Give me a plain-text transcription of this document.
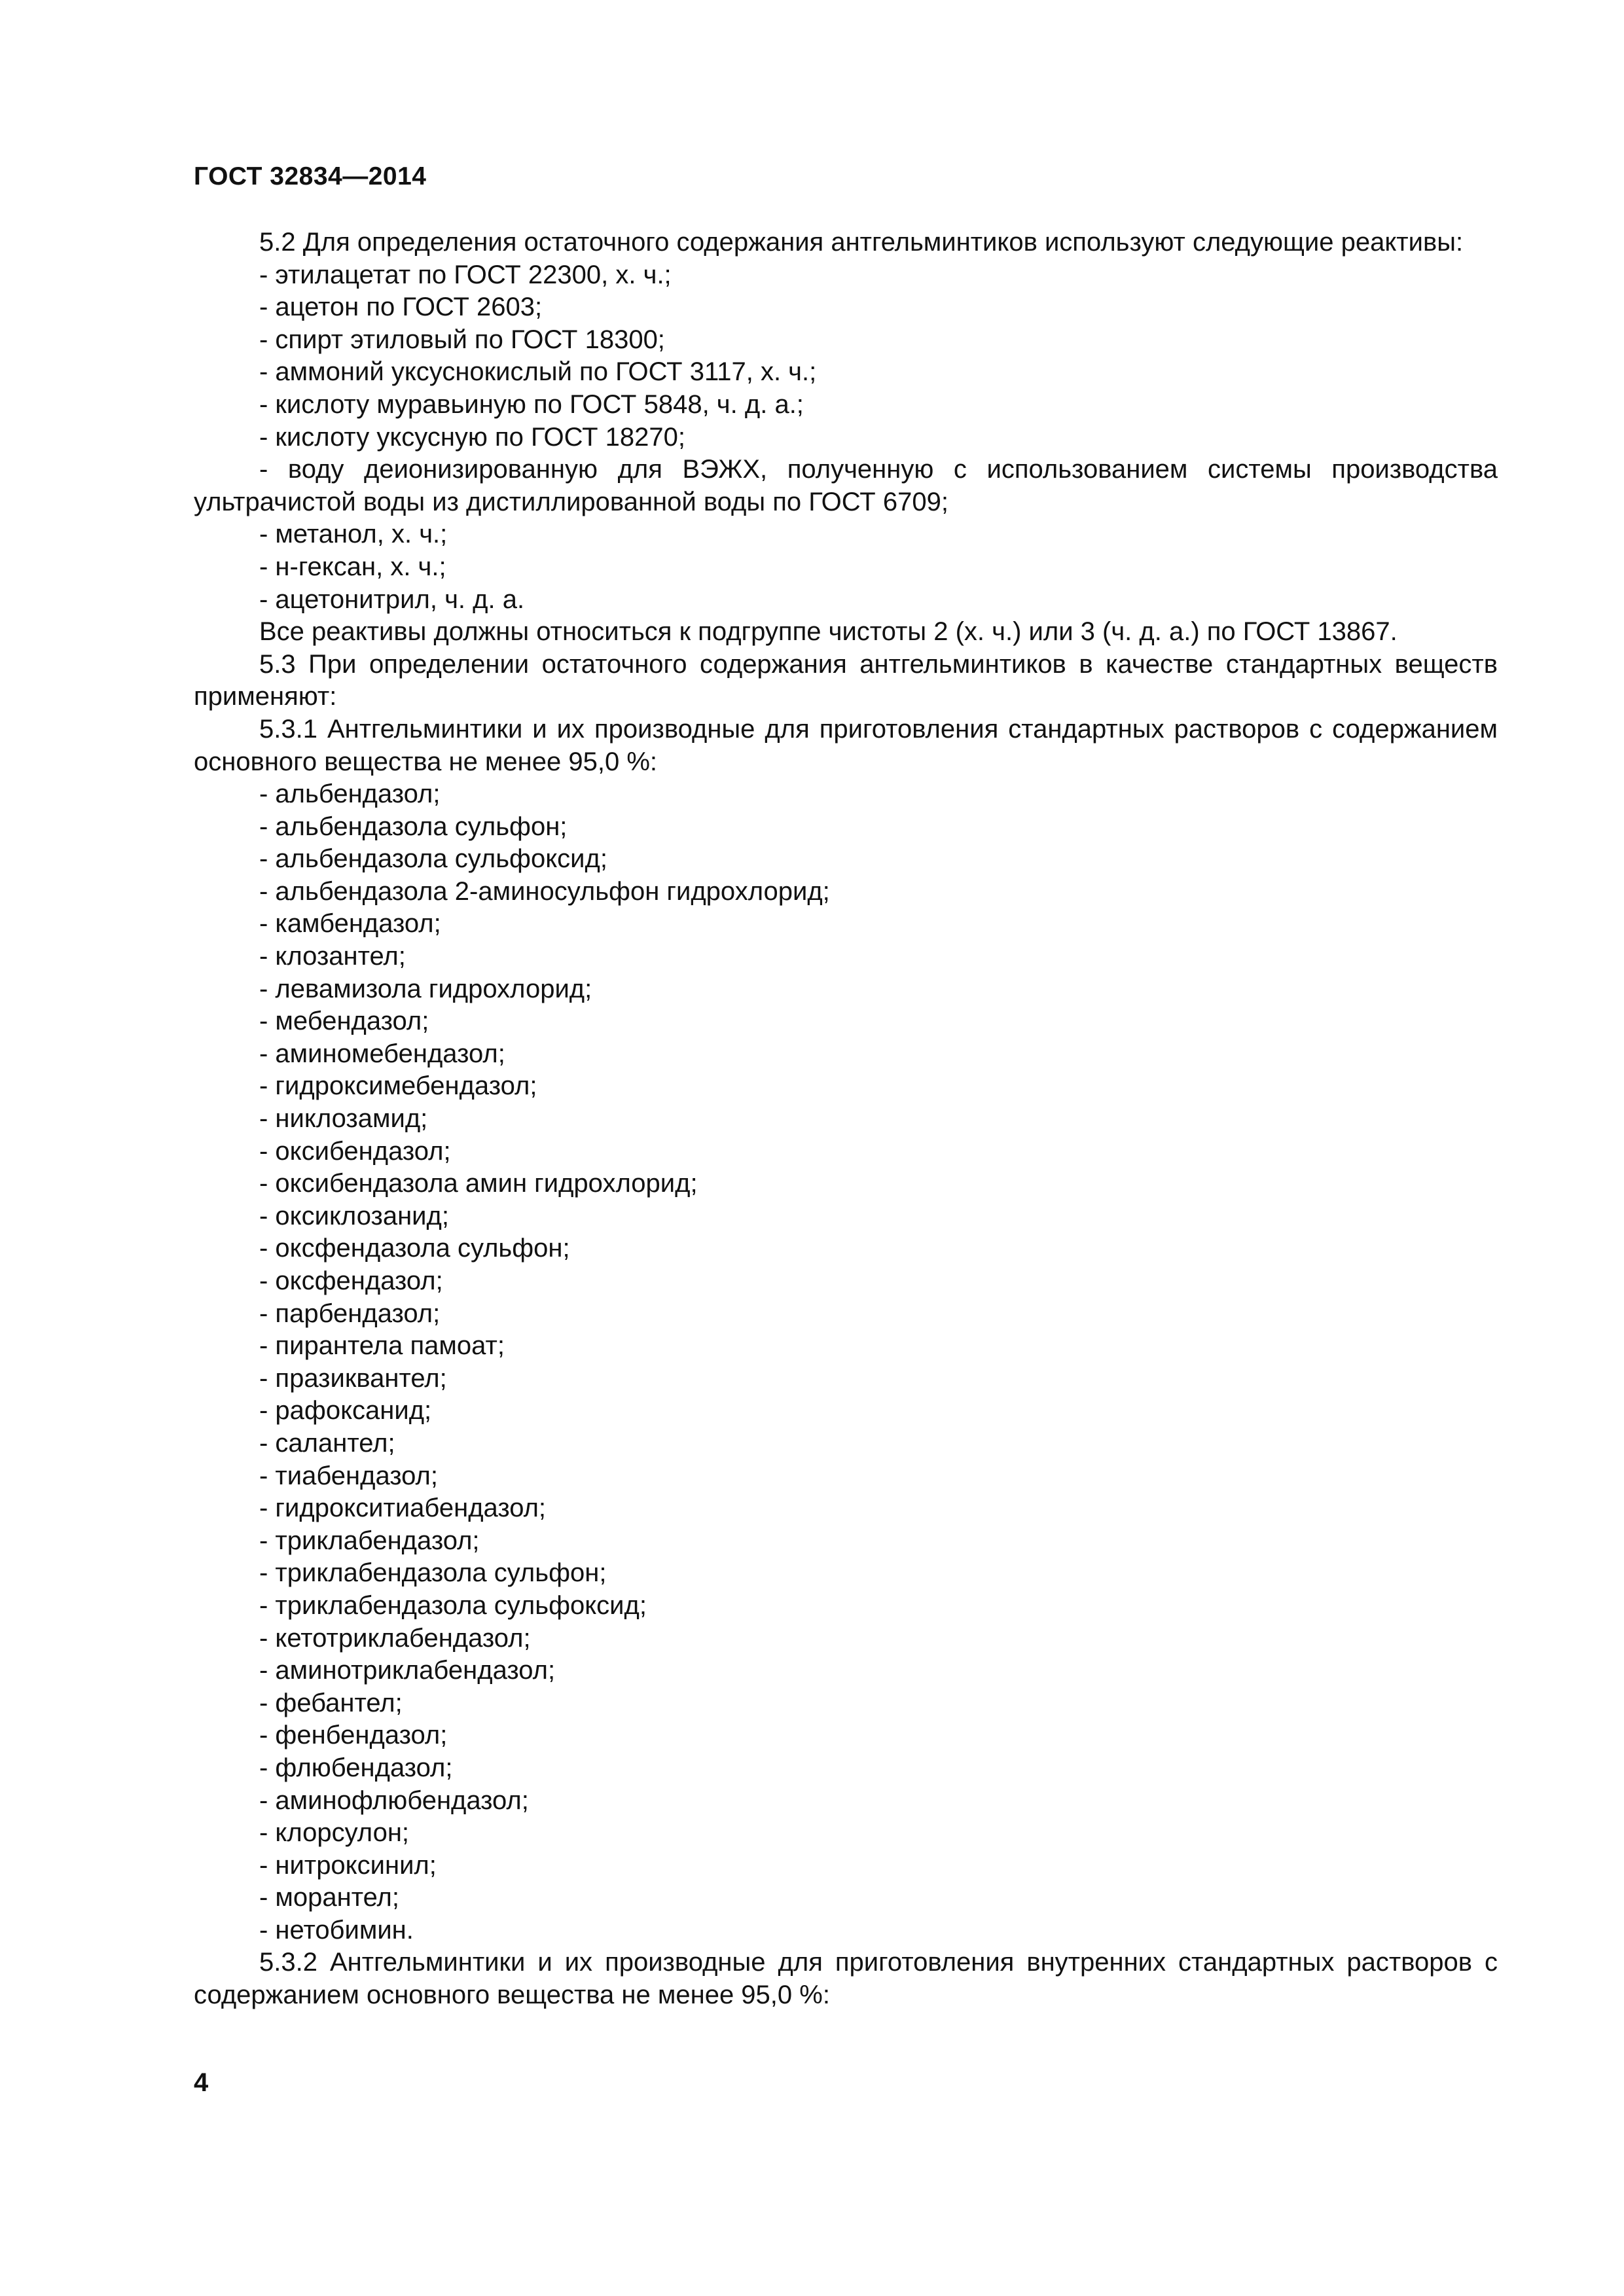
ГОСТ 32834—2014

5.2 Для определения остаточного содержания антгельминтиков используют следующие реактивы:

- этилацетат по ГОСТ 22300, х. ч.;

- ацетон по ГОСТ 2603;

- спирт этиловый по ГОСТ 18300;

- аммоний уксуснокислый по ГОСТ 3117, х. ч.;

- кислоту муравьиную по ГОСТ 5848, ч. д. а.;

- кислоту уксусную по ГОСТ 18270;

- воду деионизированную для ВЭЖХ, полученную с использованием системы производства ультрачистой воды из дистиллированной воды по ГОСТ 6709;

- метанол, х. ч.;

- н-гексан, х. ч.;

- ацетонитрил, ч. д. а.

Все реактивы должны относиться к подгруппе чистоты 2 (х. ч.) или 3 (ч. д. а.) по ГОСТ 13867.

5.3 При определении остаточного содержания антгельминтиков в качестве стандартных веществ применяют:

5.3.1 Антгельминтики и их производные для приготовления стандартных растворов с содержанием основного вещества не менее 95,0 %:

- альбендазол;

- альбендазола сульфон;

- альбендазола сульфоксид;

- альбендазола 2-аминосульфон гидрохлорид;

- камбендазол;

- клозантел;

- левамизола гидрохлорид;

- мебендазол;

- аминомебендазол;

- гидроксимебендазол;

- никлозамид;

- оксибендазол;

- оксибендазола амин гидрохлорид;

- оксиклозанид;

- оксфендазола сульфон;

- оксфендазол;

- парбендазол;

- пирантела памоат;

- празиквантел;

- рафоксанид;

- салантел;

- тиабендазол;

- гидрокситиабендазол;

- триклабендазол;

- триклабендазола сульфон;

- триклабендазола сульфоксид;

- кетотриклабендазол;

- аминотриклабендазол;

- фебантел;

- фенбендазол;

- флюбендазол;

- аминофлюбендазол;

- клорсулон;

- нитроксинил;

- морантел;

- нетобимин.

5.3.2 Антгельминтики и их производные для приготовления внутренних стандартных растворов с содержанием основного вещества не менее 95,0 %:

4
